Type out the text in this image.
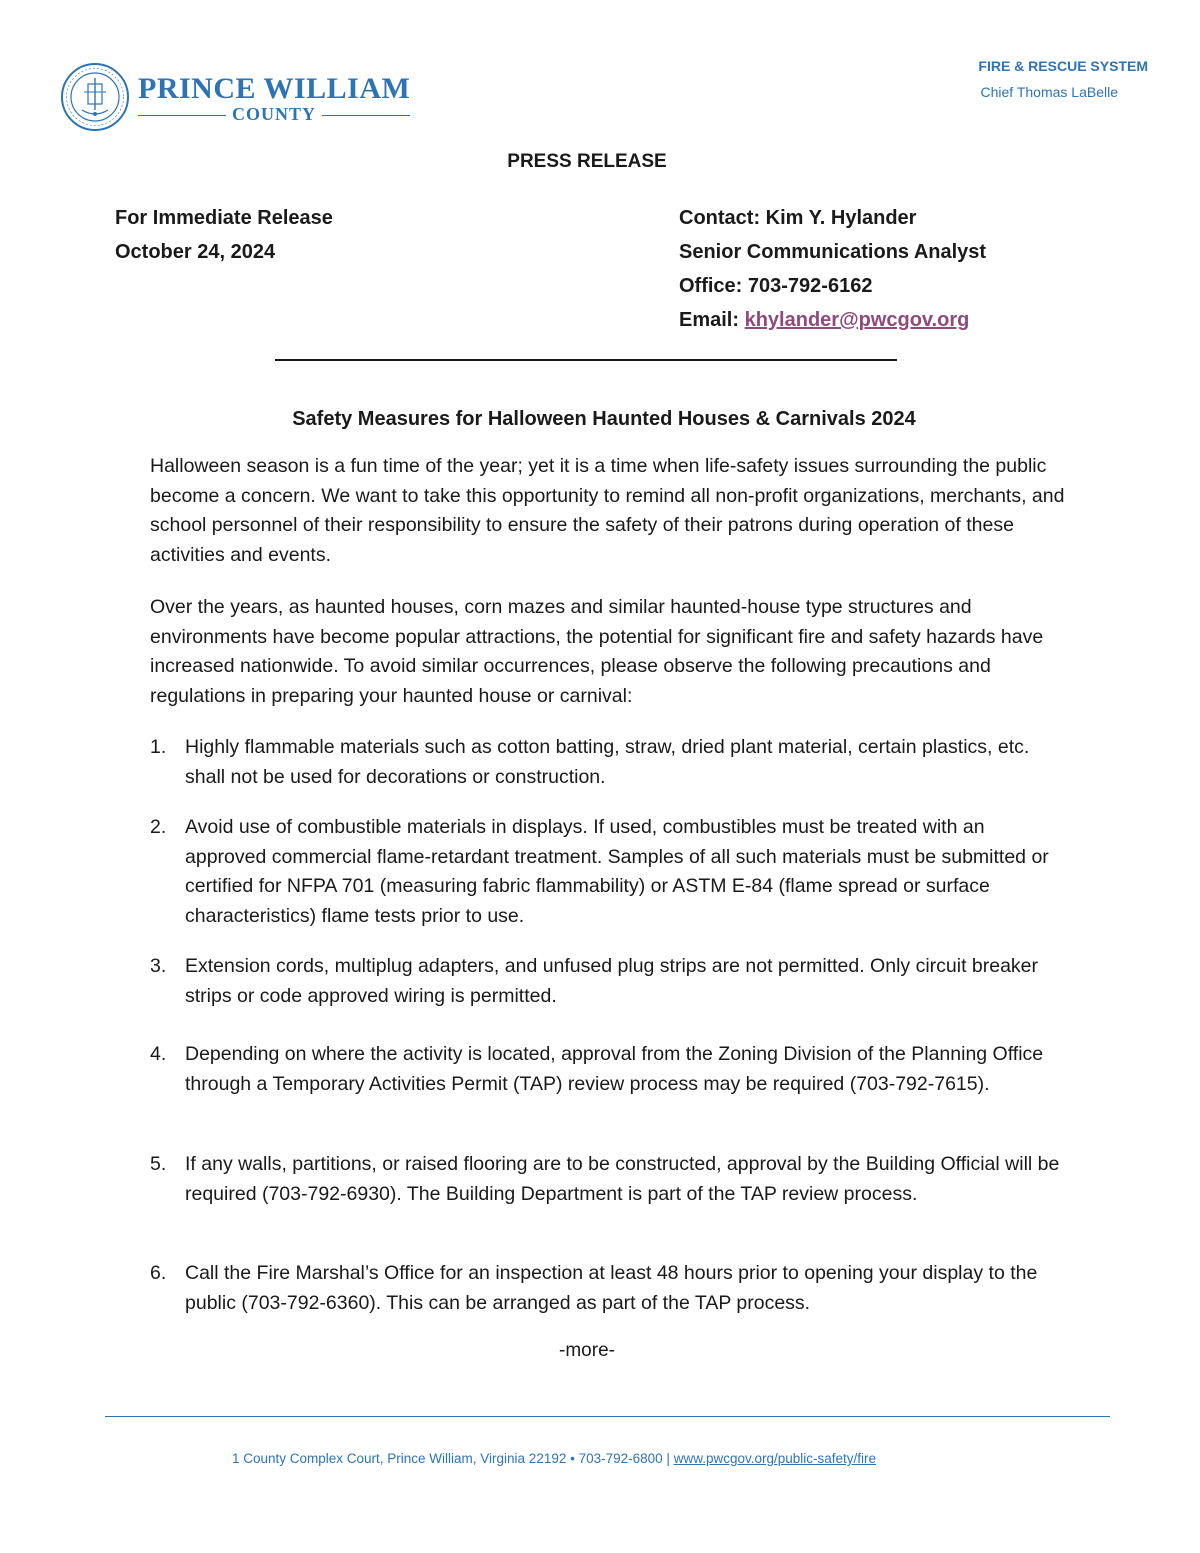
PRINCE WILLIAM
COUNTY
FIRE & RESCUE SYSTEM
Chief Thomas LaBelle
PRESS RELEASE
For Immediate Release
October 24, 2024
Contact: Kim Y. Hylander
Senior Communications Analyst
Office: 703-792-6162
Email: khylander@pwcgov.org
Safety Measures for Halloween Haunted Houses & Carnivals 2024
Halloween season is a fun time of the year; yet it is a time when life-safety issues surrounding the public become a concern. We want to take this opportunity to remind all non-profit organizations, merchants, and school personnel of their responsibility to ensure the safety of their patrons during operation of these activities and events.
Over the years, as haunted houses, corn mazes and similar haunted-house type structures and environments have become popular attractions, the potential for significant fire and safety hazards have increased nationwide. To avoid similar occurrences, please observe the following precautions and regulations in preparing your haunted house or carnival:
1. Highly flammable materials such as cotton batting, straw, dried plant material, certain plastics, etc. shall not be used for decorations or construction.
2. Avoid use of combustible materials in displays. If used, combustibles must be treated with an approved commercial flame-retardant treatment. Samples of all such materials must be submitted or certified for NFPA 701 (measuring fabric flammability) or ASTM E-84 (flame spread or surface characteristics) flame tests prior to use.
3. Extension cords, multiplug adapters, and unfused plug strips are not permitted. Only circuit breaker strips or code approved wiring is permitted.
4. Depending on where the activity is located, approval from the Zoning Division of the Planning Office through a Temporary Activities Permit (TAP) review process may be required (703-792-7615).
5. If any walls, partitions, or raised flooring are to be constructed, approval by the Building Official will be required (703-792-6930). The Building Department is part of the TAP review process.
6. Call the Fire Marshal’s Office for an inspection at least 48 hours prior to opening your display to the public (703-792-6360). This can be arranged as part of the TAP process.
-more-
1 County Complex Court, Prince William, Virginia 22192 • 703-792-6800 | www.pwcgov.org/public-safety/fire
